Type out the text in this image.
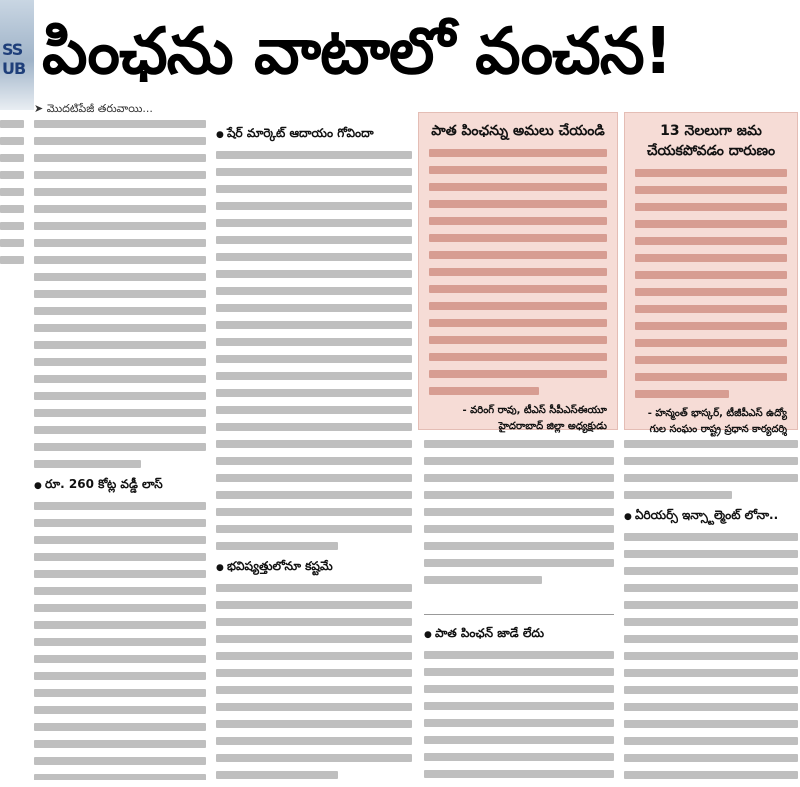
SS UB పింఛను వాటాలో వంచన!
➤ మొదటిపేజీ తరువాయి...
● రూ. 260 కోట్ల వడ్డీ లాస్
● షేర్ మార్కెట్ ఆదాయం గోవిందా
● భవిష్యత్తులోనూ కష్టమే
పాత పింఛన్ను అమలు చేయండి
- వరింగ్ రావు, టీఎస్ సీపీఎస్ఈయూ
హైదరాబాద్ జిల్లా అధ్యక్షుడు
13 నెలలుగా జమ చేయకపోవడం దారుణం
- హన్మంత్ భాస్కర్, టీజీపీఎస్ ఉద్యో
గుల సంఘం రాష్ట్ర ప్రధాన కార్యదర్శి
● పాత పింఛన్ జాడే లేదు
● ఏరియర్స్ ఇన్స్టాల్మెంట్ లోనా..
